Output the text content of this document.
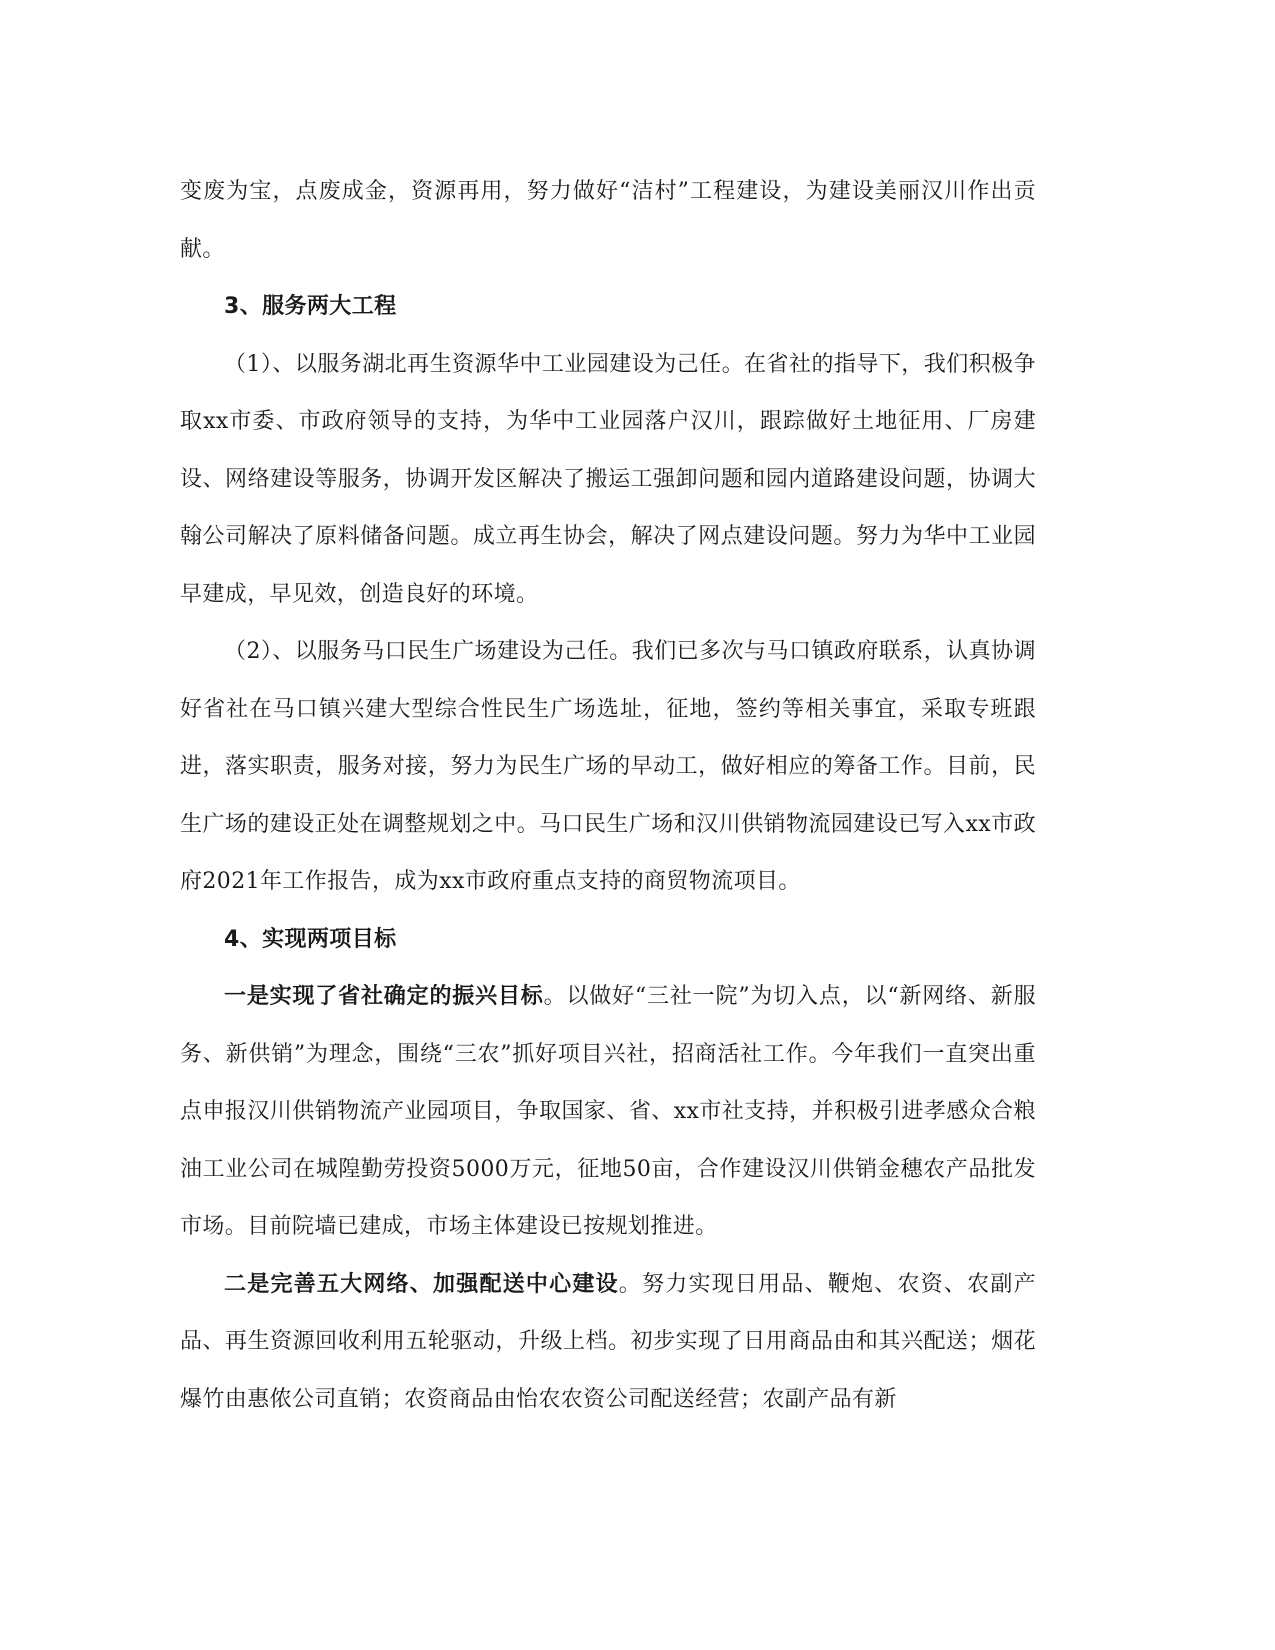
变废为宝，点废成金，资源再用，努力做好“洁村”工程建设，为建设美丽汉川作出贡献。

3、服务两大工程

（1）、以服务湖北再生资源华中工业园建设为己任。在省社的指导下，我们积极争取xx市委、市政府领导的支持，为华中工业园落户汉川，跟踪做好土地征用、厂房建设、网络建设等服务，协调开发区解决了搬运工强卸问题和园内道路建设问题，协调大翰公司解决了原料储备问题。成立再生协会，解决了网点建设问题。努力为华中工业园早建成，早见效，创造良好的环境。

（2）、以服务马口民生广场建设为己任。我们已多次与马口镇政府联系，认真协调好省社在马口镇兴建大型综合性民生广场选址，征地，签约等相关事宜，采取专班跟进，落实职责，服务对接，努力为民生广场的早动工，做好相应的筹备工作。目前，民生广场的建设正处在调整规划之中。马口民生广场和汉川供销物流园建设已写入xx市政府2021年工作报告，成为xx市政府重点支持的商贸物流项目。

4、实现两项目标

一是实现了省社确定的振兴目标。以做好“三社一院”为切入点，以“新网络、新服务、新供销”为理念，围绕“三农”抓好项目兴社，招商活社工作。今年我们一直突出重点申报汉川供销物流产业园项目，争取国家、省、xx市社支持，并积极引进孝感众合粮油工业公司在城隍勤劳投资5000万元，征地50亩，合作建设汉川供销金穗农产品批发市场。目前院墙已建成，市场主体建设已按规划推进。

二是完善五大网络、加强配送中心建设。努力实现日用品、鞭炮、农资、农副产品、再生资源回收利用五轮驱动，升级上档。初步实现了日用商品由和其兴配送；烟花爆竹由惠侬公司直销；农资商品由怡农农资公司配送经营；农副产品有新
